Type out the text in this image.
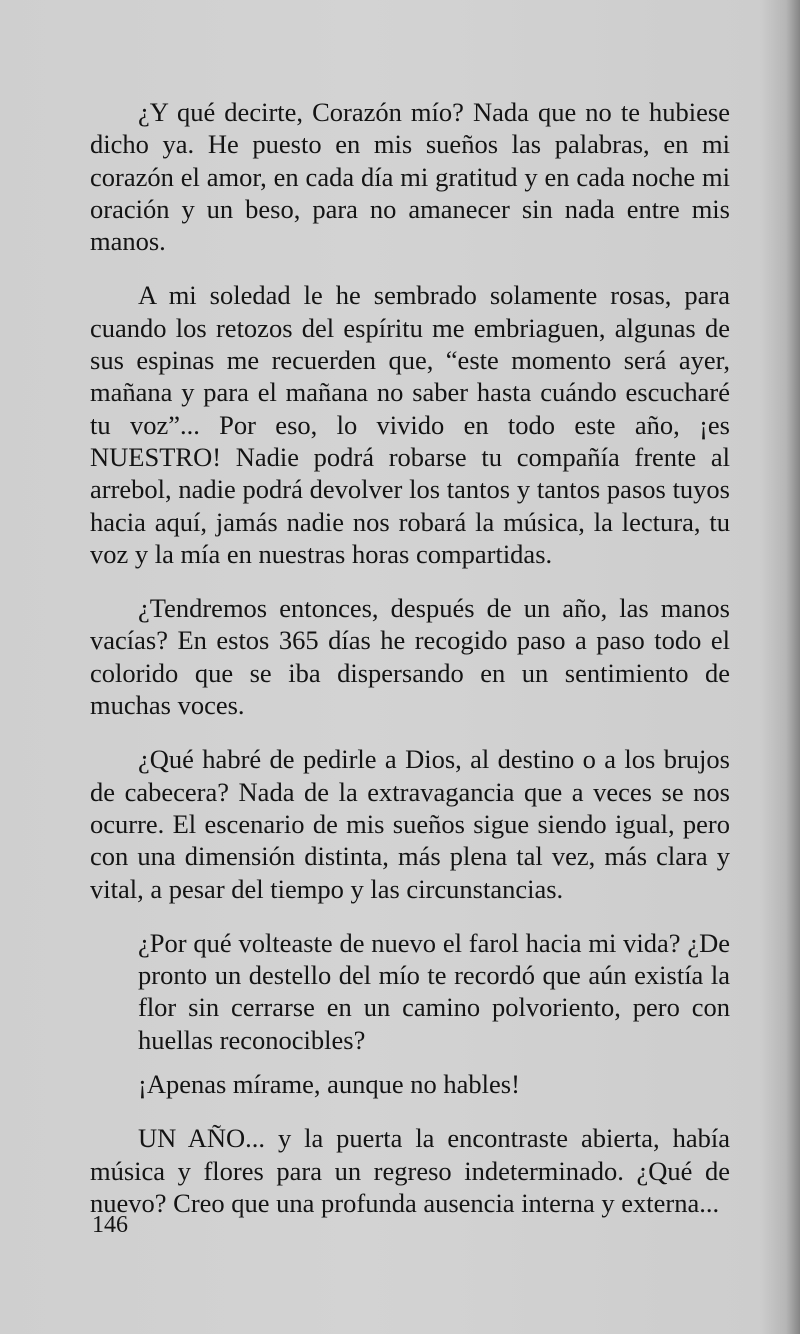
¿Y qué decirte, Corazón mío? Nada que no te hubiese dicho ya. He puesto en mis sueños las palabras, en mi corazón el amor, en cada día mi gratitud y en cada noche mi oración y un beso, para no amanecer sin nada entre mis manos.

A mi soledad le he sembrado solamente rosas, para cuando los retozos del espíritu me embriaguen, algunas de sus espinas me recuerden que, “este momento será ayer, mañana y para el mañana no saber hasta cuándo escucharé tu voz”... Por eso, lo vivido en todo este año, ¡es NUESTRO! Nadie podrá robarse tu compañía frente al arrebol, nadie podrá devolver los tantos y tantos pasos tuyos hacia aquí, jamás nadie nos robará la música, la lectura, tu voz y la mía en nuestras horas compartidas.

¿Tendremos entonces, después de un año, las manos vacías? En estos 365 días he recogido paso a paso todo el colorido que se iba dispersando en un sentimiento de muchas voces.

¿Qué habré de pedirle a Dios, al destino o a los brujos de cabecera? Nada de la extravagancia que a veces se nos ocurre. El escenario de mis sueños sigue siendo igual, pero con una dimensión distinta, más plena tal vez, más clara y vital, a pesar del tiempo y las circunstancias.

¿Por qué volteaste de nuevo el farol hacia mi vida? ¿De pronto un destello del mío te recordó que aún existía la flor sin cerrarse en un camino polvoriento, pero con huellas reconocibles?

¡Apenas mírame, aunque no hables!

UN AÑO... y la puerta la encontraste abierta, había música y flores para un regreso indeterminado. ¿Qué de nuevo? Creo que una profunda ausencia interna y externa...

146
